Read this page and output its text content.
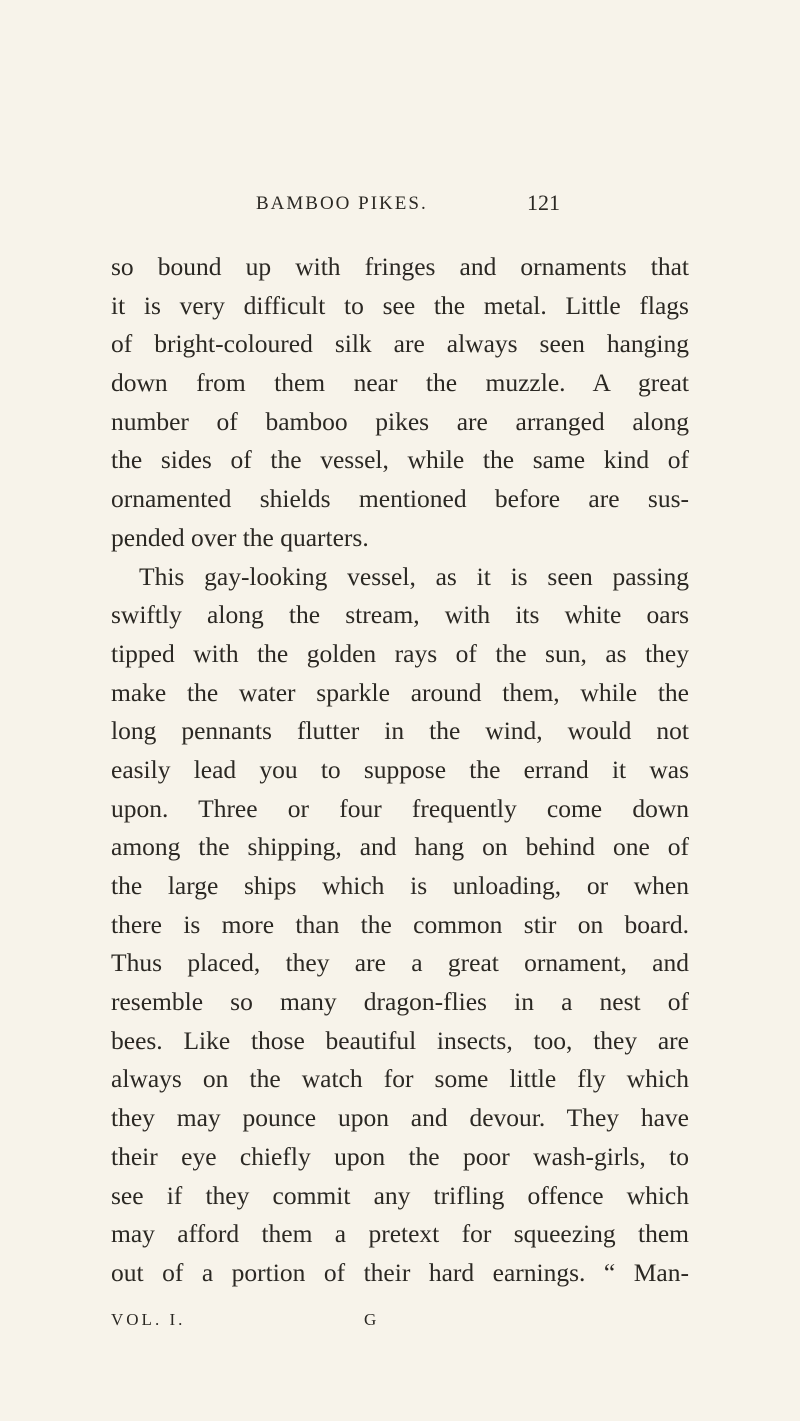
BAMBOO PIKES.	121
so bound up with fringes and ornaments that
it is very difficult to see the metal. Little flags
of bright-coloured silk are always seen hanging
down from them near the muzzle. A great
number of bamboo pikes are arranged along
the sides of the vessel, while the same kind of
ornamented shields mentioned before are sus-
pended over the quarters.
This gay-looking vessel, as it is seen passing
swiftly along the stream, with its white oars
tipped with the golden rays of the sun, as they
make the water sparkle around them, while the
long pennants flutter in the wind, would not
easily lead you to suppose the errand it was
upon. Three or four frequently come down
among the shipping, and hang on behind one of
the large ships which is unloading, or when
there is more than the common stir on board.
Thus placed, they are a great ornament, and
resemble so many dragon-flies in a nest of
bees. Like those beautiful insects, too, they are
always on the watch for some little fly which
they may pounce upon and devour. They have
their eye chiefly upon the poor wash-girls, to
see if they commit any trifling offence which
may afford them a pretext for squeezing them
out of a portion of their hard earnings. “ Man-
VOL. I.	G
